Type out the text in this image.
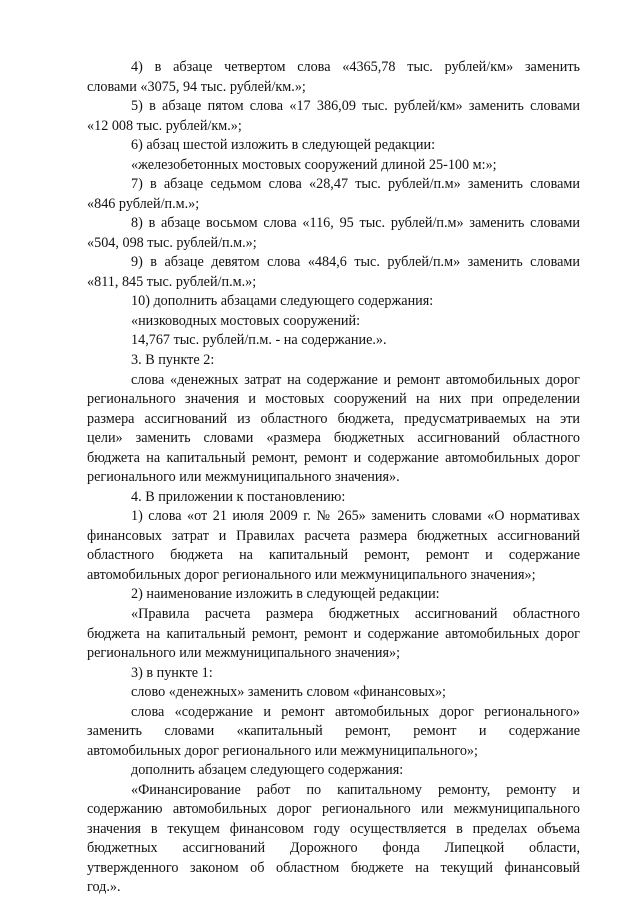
4) в абзаце четвертом слова «4365,78 тыс. рублей/км» заменить
словами «3075, 94 тыс. рублей/км.»;
5) в абзаце пятом слова «17 386,09 тыс. рублей/км» заменить словами
«12 008 тыс. рублей/км.»;
6) абзац шестой изложить в следующей редакции:
«железобетонных мостовых сооружений длиной 25-100 м:»;
7) в абзаце седьмом слова «28,47 тыс. рублей/п.м» заменить словами
«846 рублей/п.м.»;
8) в абзаце восьмом слова «116, 95 тыс. рублей/п.м» заменить словами
«504, 098 тыс. рублей/п.м.»;
9) в абзаце девятом слова «484,6 тыс. рублей/п.м» заменить словами
«811, 845 тыс. рублей/п.м.»;
10) дополнить абзацами следующего содержания:
«низководных мостовых сооружений:
14,767 тыс. рублей/п.м. - на содержание.».
3. В пункте 2:
слова «денежных затрат на содержание и ремонт автомобильных дорог
регионального значения и мостовых сооружений на них при определении
размера ассигнований из областного бюджета, предусматриваемых на эти
цели» заменить словами «размера бюджетных ассигнований областного
бюджета на капитальный ремонт, ремонт и содержание автомобильных дорог
регионального или межмуниципального значения».
4. В приложении к постановлению:
1) слова «от 21 июля 2009 г. № 265» заменить словами «О нормативах
финансовых затрат и Правилах расчета размера бюджетных ассигнований
областного бюджета на капитальный ремонт, ремонт и содержание
автомобильных дорог регионального или межмуниципального значения»;
2) наименование изложить в следующей редакции:
«Правила расчета размера бюджетных ассигнований областного
бюджета на капитальный ремонт, ремонт и содержание автомобильных дорог
регионального или межмуниципального значения»;
3) в пункте 1:
слово «денежных» заменить словом «финансовых»;
слова «содержание и ремонт автомобильных дорог регионального»
заменить словами «капитальный ремонт, ремонт и содержание
автомобильных дорог регионального или межмуниципального»;
дополнить абзацем следующего содержания:
«Финансирование работ по капитальному ремонту, ремонту и
содержанию автомобильных дорог регионального или межмуниципального
значения в текущем финансовом году осуществляется в пределах объема
бюджетных ассигнований Дорожного фонда Липецкой области,
утвержденного законом об областном бюджете на текущий финансовый
год.».
